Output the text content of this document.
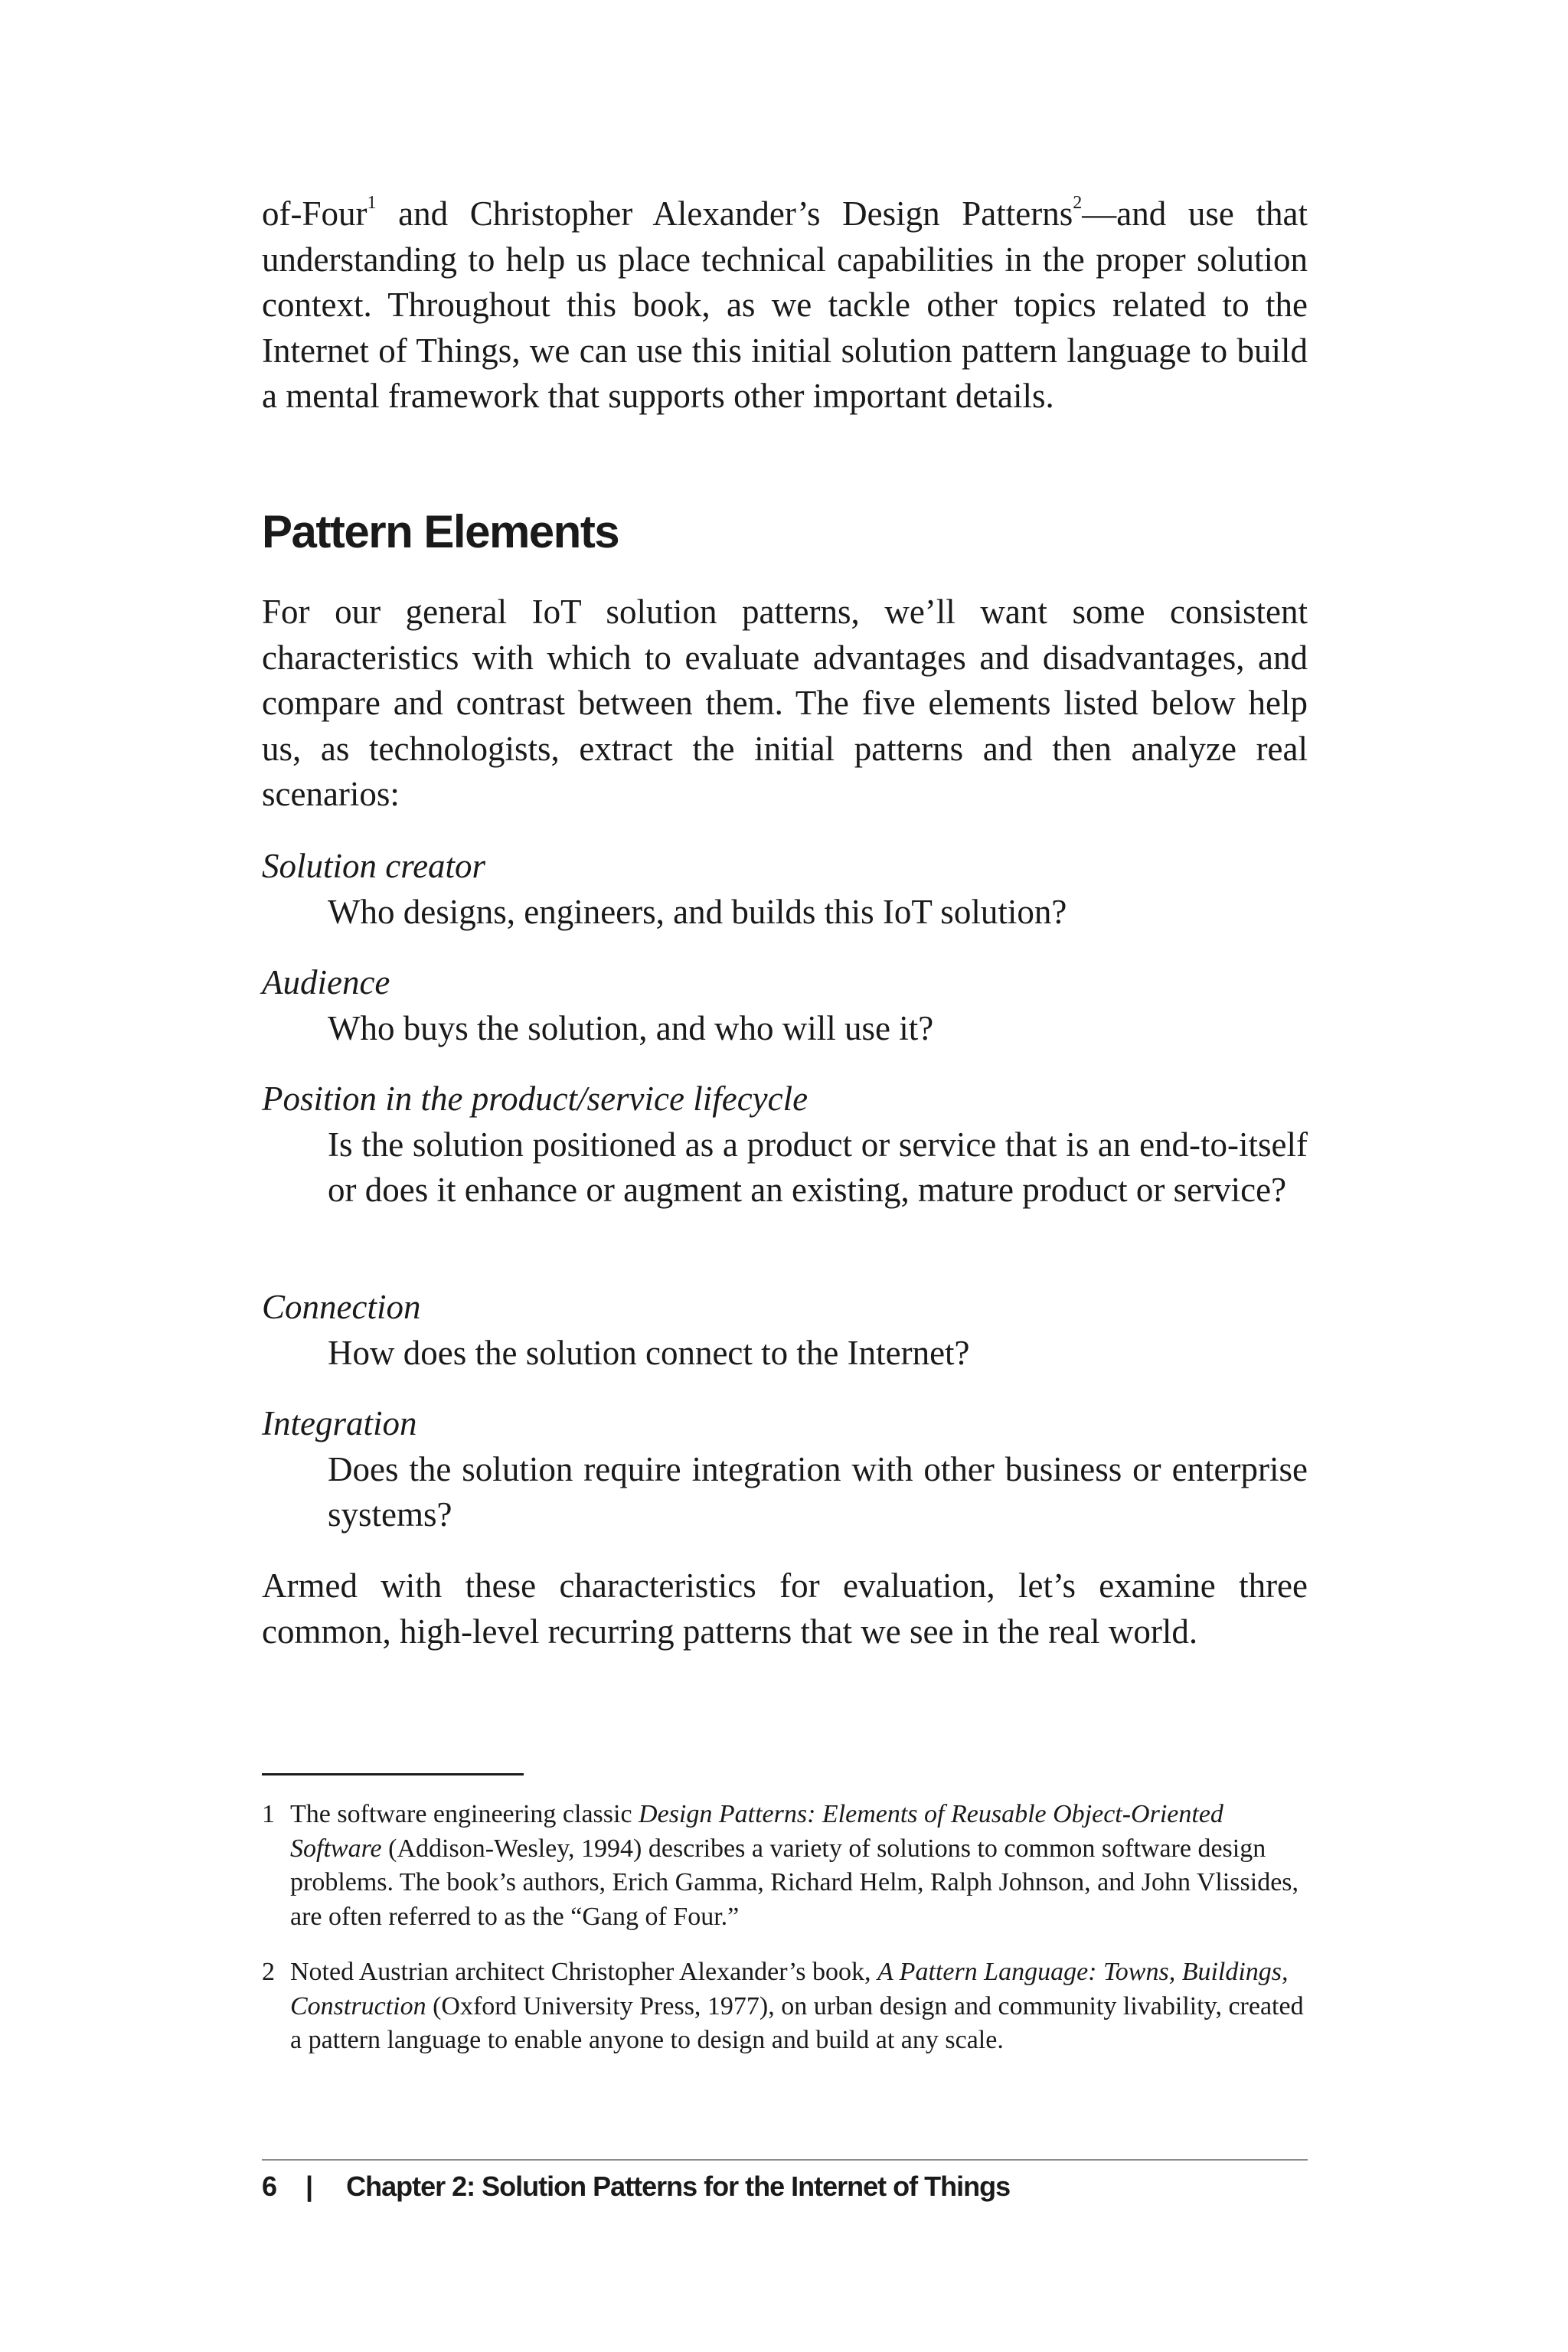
of-Four$^1$ and Christopher Alexander’s Design Patterns$^2$—and use that understanding to help us place technical capabilities in the proper solution context. Throughout this book, as we tackle other topics related to the Internet of Things, we can use this initial solution pattern language to build a mental framework that supports other important details.

Pattern Elements

For our general IoT solution patterns, we’ll want some consistent characteristics with which to evaluate advantages and disadvantages, and compare and contrast between them. The five elements listed below help us, as technologists, extract the initial patterns and then analyze real scenarios:

Solution creator

Who designs, engineers, and builds this IoT solution?

Audience

Who buys the solution, and who will use it?

Position in the product/service lifecycle

Is the solution positioned as a product or service that is an end-to-itself or does it enhance or augment an existing, mature product or service?

Connection

How does the solution connect to the Internet?

Integration

Does the solution require integration with other business or enterprise systems?

Armed with these characteristics for evaluation, let’s examine three common, high-level recurring patterns that we see in the real world.

1 The software engineering classic Design Patterns: Elements of Reusable Object-Oriented Software (Addison-Wesley, 1994) describes a variety of solutions to common software design problems. The book’s authors, Erich Gamma, Richard Helm, Ralph Johnson, and John Vlissides, are often referred to as the “Gang of Four.”

2 Noted Austrian architect Christopher Alexander’s book, A Pattern Language: Towns, Buildings, Construction (Oxford University Press, 1977), on urban design and community livability, created a pattern language to enable anyone to design and build at any scale.

6 | Chapter 2: Solution Patterns for the Internet of Things
